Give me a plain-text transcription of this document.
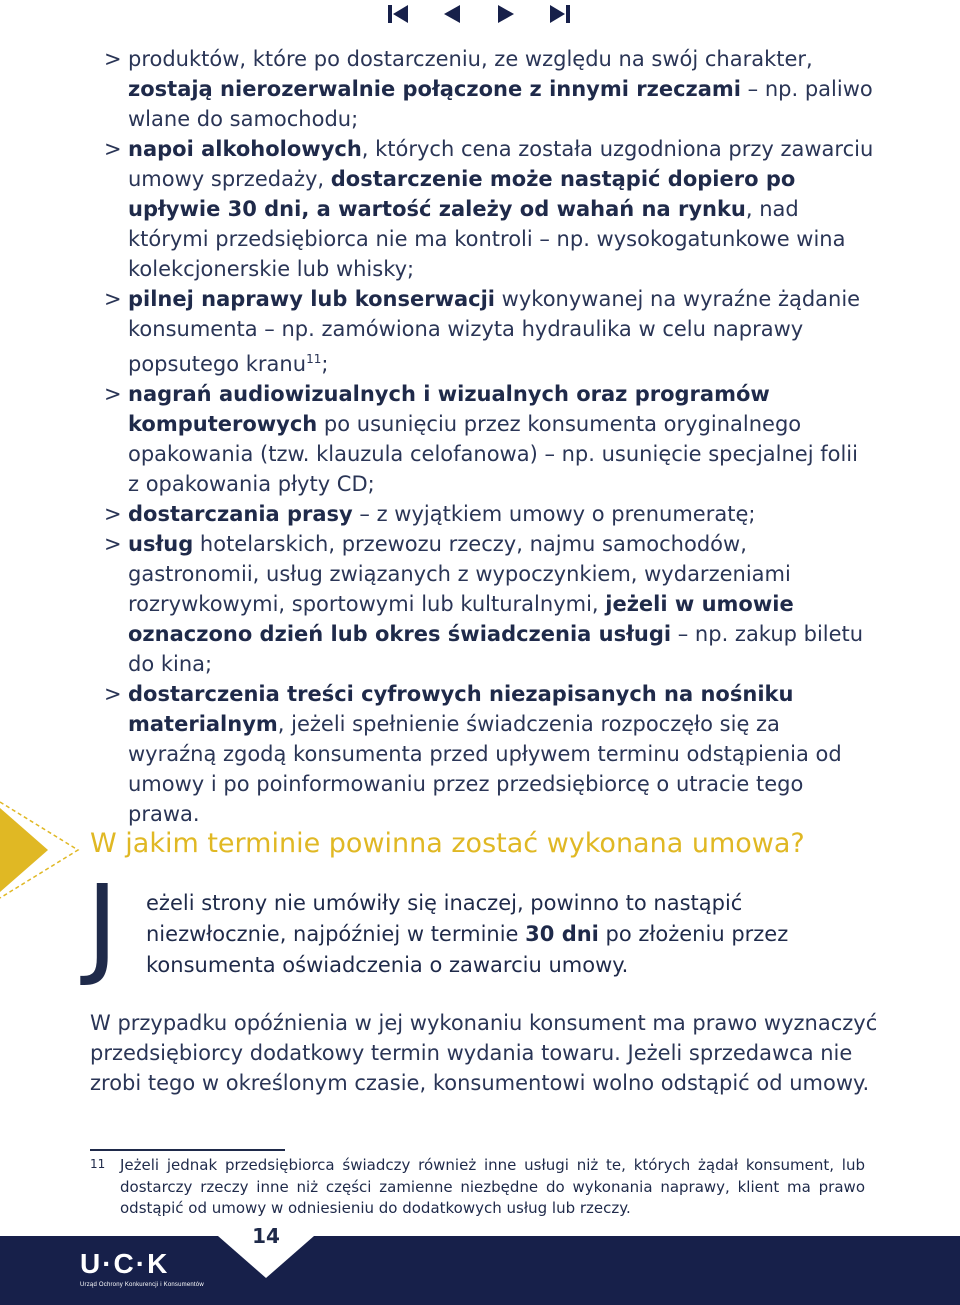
> produktów, które po dostarczeniu, ze względu na swój charakter, zostają nierozerwalnie połączone z innymi rzeczami – np. paliwo wlane do samochodu;
> napoi alkoholowych, których cena została uzgodniona przy zawarciu umowy sprzedaży, dostarczenie może nastąpić dopiero po upływie 30 dni, a wartość zależy od wahań na rynku, nad którymi przedsiębiorca nie ma kontroli – np. wysokogatunkowe wina kolekcjonerskie lub whisky;
> pilnej naprawy lub konserwacji wykonywanej na wyraźne żądanie konsumenta – np. zamówiona wizyta hydraulika w celu naprawy popsutego kranu$^{11}$;
> nagrań audiowizualnych i wizualnych oraz programów komputerowych po usunięciu przez konsumenta oryginalnego opakowania (tzw. klauzula celofanowa) – np. usunięcie specjalnej folii z opakowania płyty CD;
> dostarczania prasy – z wyjątkiem umowy o prenumeratę;
> usług hotelarskich, przewozu rzeczy, najmu samochodów, gastronomii, usług związanych z wypoczynkiem, wydarzeniami rozrywkowymi, sportowymi lub kulturalnymi, jeżeli w umowie oznaczono dzień lub okres świadczenia usługi – np. zakup biletu do kina;
> dostarczenia treści cyfrowych niezapisanych na nośniku materialnym, jeżeli spełnienie świadczenia rozpoczęło się za wyraźną zgodą konsumenta przed upływem terminu odstąpienia od umowy i po poinformowaniu przez przedsiębiorcę o utracie tego prawa.
W jakim terminie powinna zostać wykonana umowa?
J eżeli strony nie umówiły się inaczej, powinno to nastąpić niezwłocznie, najpóźniej w terminie 30 dni po złożeniu przez konsumenta oświadczenia o zawarciu umowy.

W przypadku opóźnienia w jej wykonaniu konsument ma prawo wyznaczyć przedsiębiorcy dodatkowy termin wydania towaru. Jeżeli sprzedawca nie zrobi tego w określonym czasie, konsumentowi wolno odstąpić od umowy.

11 Jeżeli jednak przedsiębiorca świadczy również inne usługi niż te, których żądał konsument, lub dostarczy rzeczy inne niż części zamienne niezbędne do wykonania naprawy, klient ma prawo odstąpić od umowy w odniesieniu do dodatkowych usług lub rzeczy.

14
U·C·K
Urząd Ochrony Konkurencji i Konsumentów
